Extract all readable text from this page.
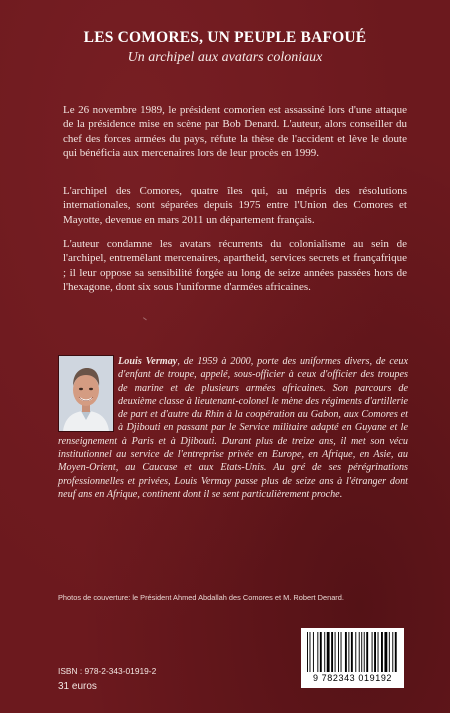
LES COMORES, UN PEUPLE BAFOUÉ
Un archipel aux avatars coloniaux
Le 26 novembre 1989, le président comorien est assassiné lors d'une attaque de la présidence mise en scène par Bob Denard. L'auteur, alors conseiller du chef des forces armées du pays, réfute la thèse de l'accident et lève le doute qui bénéficia aux mercenaires lors de leur procès en 1999.
L'archipel des Comores, quatre îles qui, au mépris des résolutions internationales, sont séparées depuis 1975 entre l'Union des Comores et Mayotte, devenue en mars 2011 un département français.
L'auteur condamne les avatars récurrents du colonialisme au sein de l'archipel, entremêlant mercenaires, apartheid, services secrets et françafrique ; il leur oppose sa sensibilité forgée au long de seize années passées hors de l'hexagone, dont six sous l'uniforme d'armées africaines.
Louis Vermay, de 1959 à 2000, porte des uniformes divers, de ceux d'enfant de troupe, appelé, sous-officier à ceux d'officier des troupes de marine et de plusieurs armées africaines. Son parcours de deuxième classe à lieutenant-colonel le mène des régiments d'artillerie de part et d'autre du Rhin à la coopération au Gabon, aux Comores et à Djibouti en passant par le Service militaire adapté en Guyane et le renseignement à Paris et à Djibouti. Durant plus de treize ans, il met son vécu institutionnel au service de l'entreprise privée en Europe, en Afrique, en Asie, au Moyen-Orient, au Caucase et aux Etats-Unis. Au gré de ses pérégrinations professionnelles et privées, Louis Vermay passe plus de seize ans à l'étranger dont neuf ans en Afrique, continent dont il se sent particulièrement proche.
Photos de couverture: le Président Ahmed Abdallah des Comores et M. Robert Denard.
ISBN : 978-2-343-01919-2
31 euros
9 782343 019192
